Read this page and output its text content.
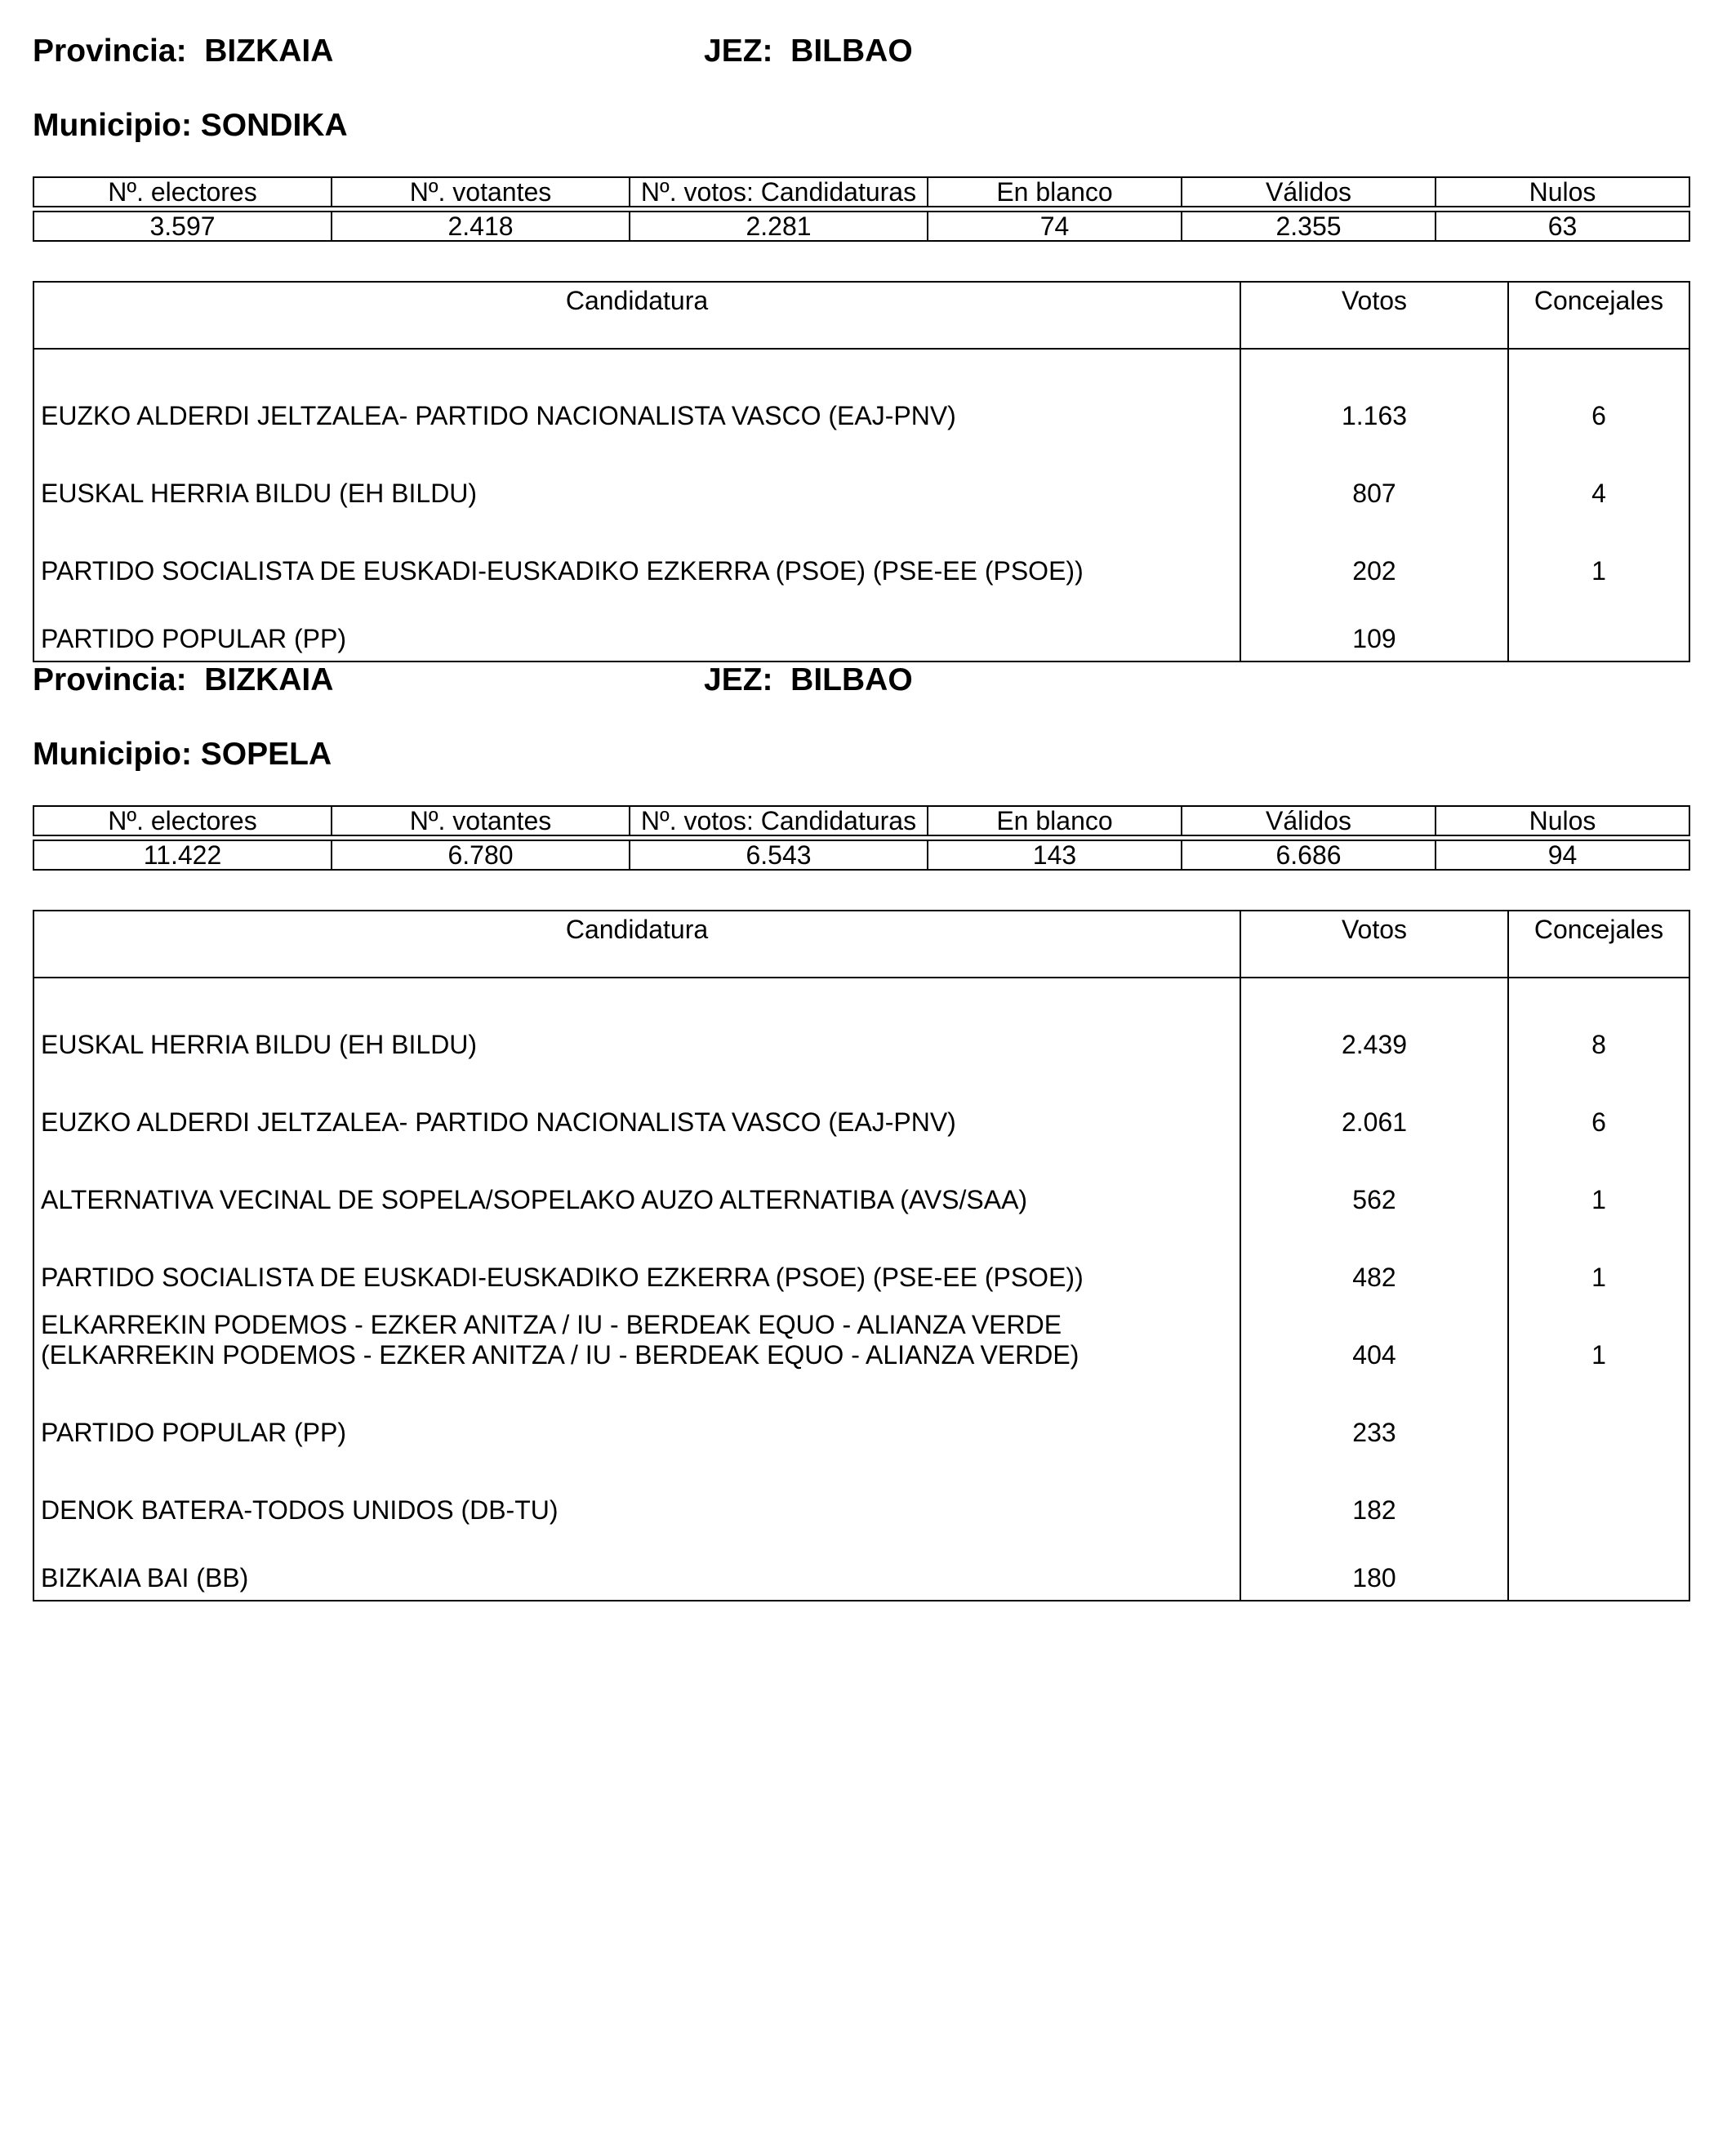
Provincia:  BIZKAIA	JEZ:  BILBAO
Municipio: SONDIKA
Nº. electores	Nº. votantes	Nº. votos: Candidaturas	En blanco	Válidos	Nulos

3.597	2.418	2.281	74	2.355	63
Candidatura	Votos	Concejales
EUZKO ALDERDI JELTZALEA- PARTIDO NACIONALISTA VASCO (EAJ-PNV)	1.163	6
EUSKAL HERRIA BILDU (EH BILDU)	807	4
PARTIDO SOCIALISTA DE EUSKADI-EUSKADIKO EZKERRA (PSOE) (PSE-EE (PSOE))	202	1
PARTIDO POPULAR (PP)	109	
Provincia:  BIZKAIA	JEZ:  BILBAO
Municipio: SOPELA
Nº. electores	Nº. votantes	Nº. votos: Candidaturas	En blanco	Válidos	Nulos

11.422	6.780	6.543	143	6.686	94
Candidatura	Votos	Concejales
EUSKAL HERRIA BILDU (EH BILDU)	2.439	8
EUZKO ALDERDI JELTZALEA- PARTIDO NACIONALISTA VASCO (EAJ-PNV)	2.061	6
ALTERNATIVA VECINAL DE SOPELA/SOPELAKO AUZO ALTERNATIBA (AVS/SAA)	562	1
PARTIDO SOCIALISTA DE EUSKADI-EUSKADIKO EZKERRA (PSOE) (PSE-EE (PSOE))	482	1
ELKARREKIN PODEMOS - EZKER ANITZA / IU - BERDEAK EQUO - ALIANZA VERDE
(ELKARREKIN PODEMOS - EZKER ANITZA / IU - BERDEAK EQUO - ALIANZA VERDE)	404	1
PARTIDO POPULAR (PP)	233	
DENOK BATERA-TODOS UNIDOS (DB-TU)	182	
BIZKAIA BAI (BB)	180	
